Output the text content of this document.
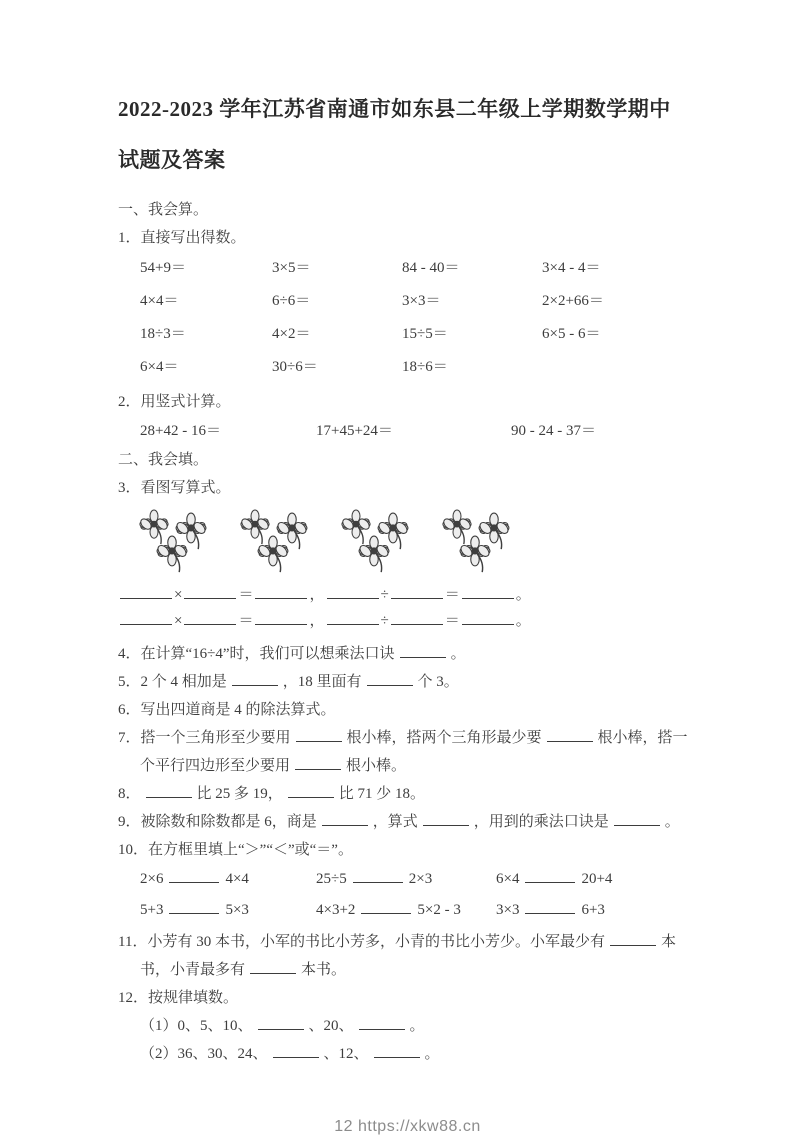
2022-2023 学年江苏省南通市如东县二年级上学期数学期中

试题及答案

一、我会算。

1．直接写出得数。

54+9＝	3×5＝	84 - 40＝	3×4 - 4＝
4×4＝	6÷6＝	3×3＝	2×2+66＝
18÷3＝	4×2＝	15÷5＝	6×5 - 6＝
6×4＝	30÷6＝	18÷6＝

2．用竖式计算。

28+42 - 16＝	17+45+24＝	90 - 24 - 37＝

二、我会填。

3．看图写算式。

×	＝	，	÷	＝	。

×	＝	，	÷	＝	。

4．在计算“16÷4”时，我们可以想乘法口诀	。

5．2 个 4 相加是	，18 里面有	个 3。

6．写出四道商是 4 的除法算式。

7．搭一个三角形至少要用	根小棒，搭两个三角形最少要	根小棒，搭一个平行四边形至少要用	根小棒。

8．	比 25 多 19，	比 71 少 18。

9．被除数和除数都是 6，商是	，算式	，用到的乘法口诀是	。

10．在方框里填上“＞”“＜”或“＝”。

2×6	4×4	25÷5	2×3	6×4	20+4
5+3	5×3	4×3+2	5×2 - 3	3×3	6+3

11．小芳有 30 本书，小军的书比小芳多，小青的书比小芳少。小军最少有	本书，小青最多有	本书。

12．按规律填数。

（1）0、5、10、	、20、	。

（2）36、30、24、	、12、	。

12 https://xkw88.cn
